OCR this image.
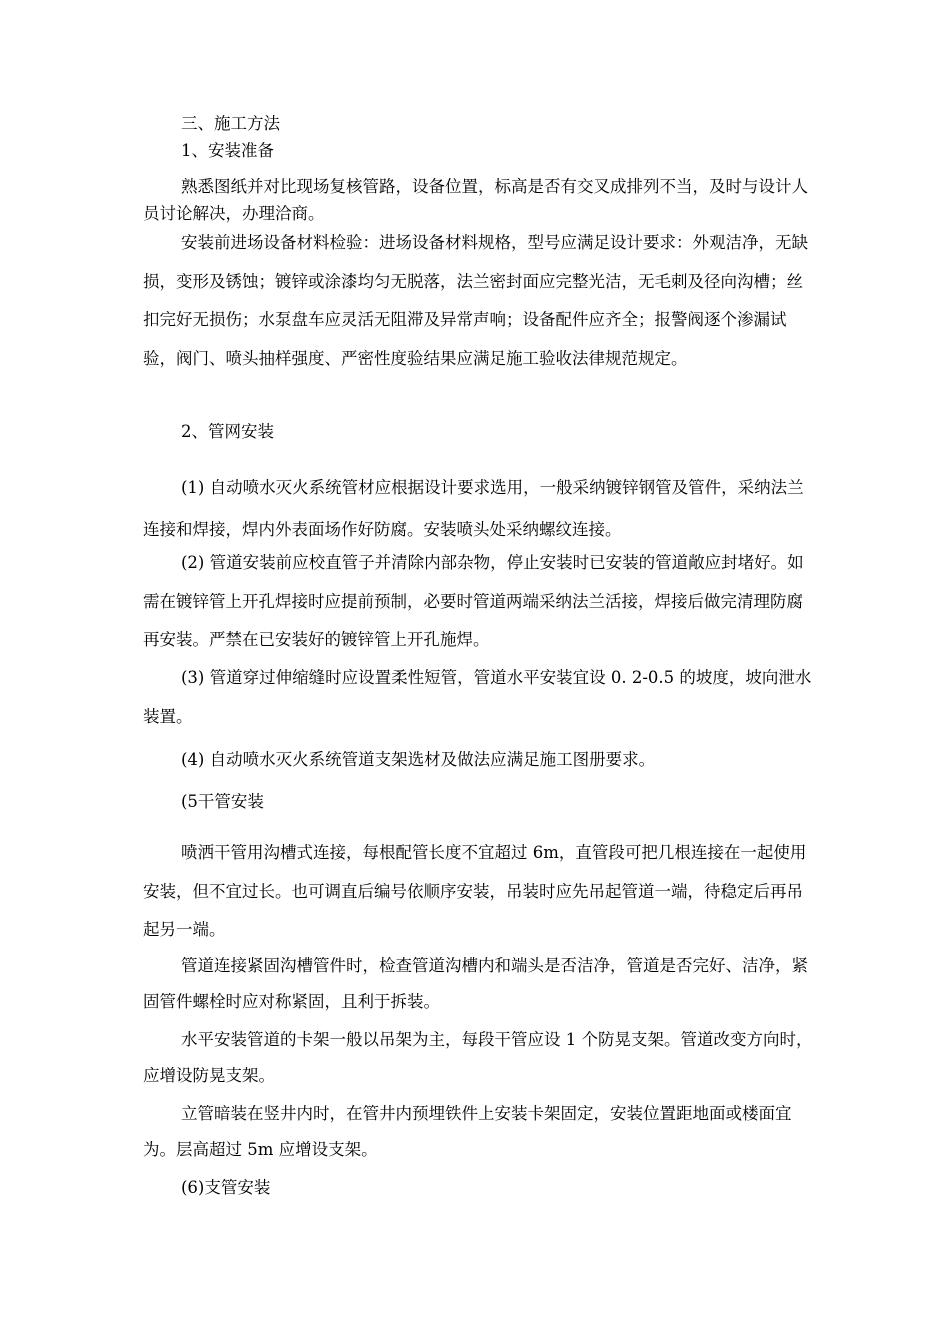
三、施工方法

1、安装准备

熟悉图纸并对比现场复核管路，设备位置，标高是否有交叉成排列不当，及时与设计人员讨论解决，办理洽商。

安装前进场设备材料检验：进场设备材料规格，型号应满足设计要求：外观洁净，无缺损，变形及锈蚀；镀锌或涂漆均匀无脱落，法兰密封面应完整光洁，无毛刺及径向沟槽；丝扣完好无损伤；水泵盘车应灵活无阻滞及异常声响；设备配件应齐全；报警阀逐个渗漏试验，阀门、喷头抽样强度、严密性度验结果应满足施工验收法律规范规定。

2、管网安装

(1) 自动喷水灭火系统管材应根据设计要求选用，一般采纳镀锌钢管及管件，采纳法兰连接和焊接，焊内外表面场作好防腐。安装喷头处采纳螺纹连接。

(2) 管道安装前应校直管子并清除内部杂物，停止安装时已安装的管道敞应封堵好。如需在镀锌管上开孔焊接时应提前预制，必要时管道两端采纳法兰活接，焊接后做完清理防腐再安装。严禁在已安装好的镀锌管上开孔施焊。

(3) 管道穿过伸缩缝时应设置柔性短管，管道水平安装宜设 0. 2-0.5 的坡度，坡向泄水装置。

(4) 自动喷水灭火系统管道支架选材及做法应满足施工图册要求。

(5干管安装

喷洒干管用沟槽式连接，每根配管长度不宜超过 6m，直管段可把几根连接在一起使用安装，但不宜过长。也可调直后编号依顺序安装，吊装时应先吊起管道一端，待稳定后再吊起另一端。

管道连接紧固沟槽管件时，检查管道沟槽内和端头是否洁净，管道是否完好、洁净，紧固管件螺栓时应对称紧固，且利于拆装。

水平安装管道的卡架一般以吊架为主，每段干管应设 1 个防晃支架。管道改变方向时，应增设防晃支架。

立管暗装在竖井内时，在管井内预埋铁件上安装卡架固定，安装位置距地面或楼面宜为。层高超过 5m 应增设支架。

(6)支管安装
